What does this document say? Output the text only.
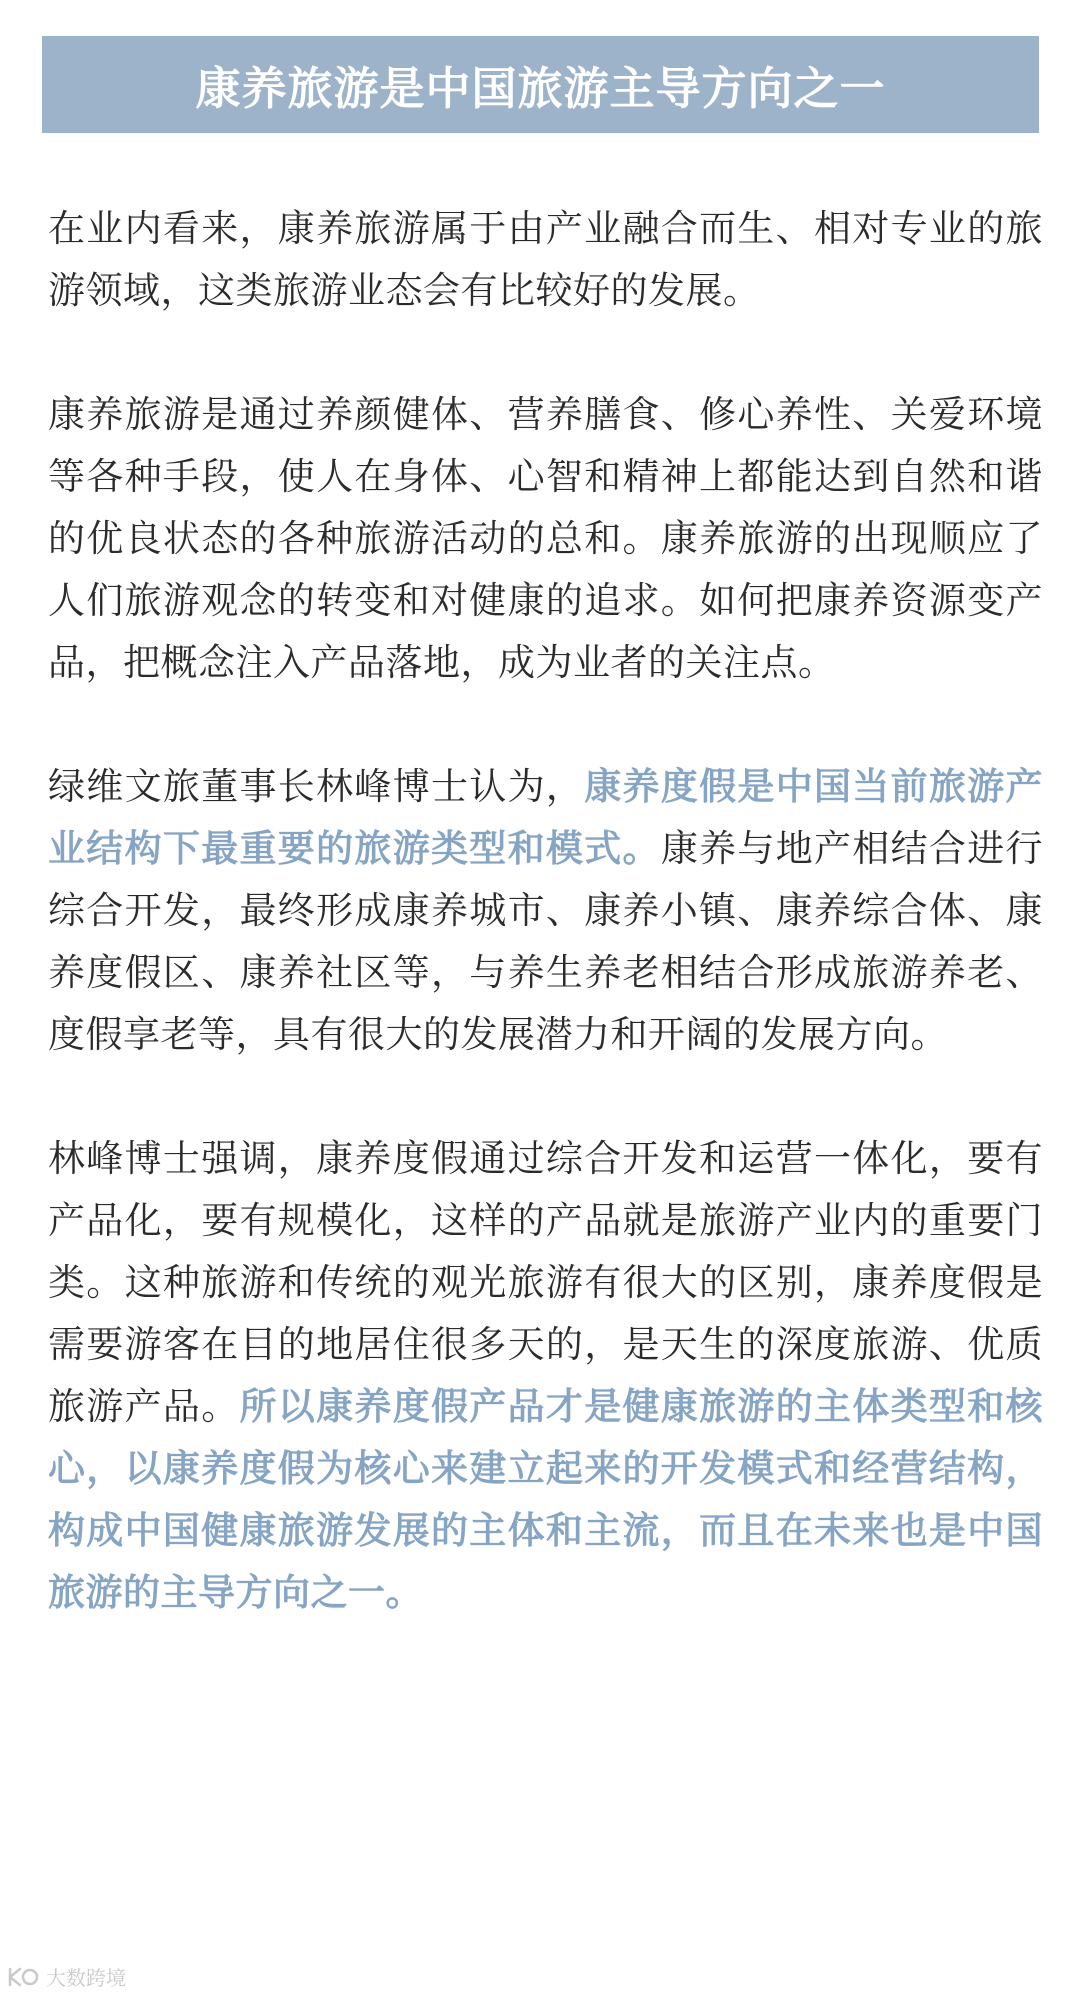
康养旅游是中国旅游主导方向之一

在业内看来，康养旅游属于由产业融合而生、相对专业的旅游领域，这类旅游业态会有比较好的发展。

康养旅游是通过养颜健体、营养膳食、修心养性、关爱环境等各种手段，使人在身体、心智和精神上都能达到自然和谐的优良状态的各种旅游活动的总和。康养旅游的出现顺应了人们旅游观念的转变和对健康的追求。如何把康养资源变产品，把概念注入产品落地，成为业者的关注点。

绿维文旅董事长林峰博士认为，康养度假是中国当前旅游产业结构下最重要的旅游类型和模式。康养与地产相结合进行综合开发，最终形成康养城市、康养小镇、康养综合体、康养度假区、康养社区等，与养生养老相结合形成旅游养老、度假享老等，具有很大的发展潜力和开阔的发展方向。

林峰博士强调，康养度假通过综合开发和运营一体化，要有产品化，要有规模化，这样的产品就是旅游产业内的重要门类。这种旅游和传统的观光旅游有很大的区别，康养度假是需要游客在目的地居住很多天的，是天生的深度旅游、优质旅游产品。所以康养度假产品才是健康旅游的主体类型和核心，以康养度假为核心来建立起来的开发模式和经营结构，构成中国健康旅游发展的主体和主流，而且在未来也是中国旅游的主导方向之一。

大数跨境
